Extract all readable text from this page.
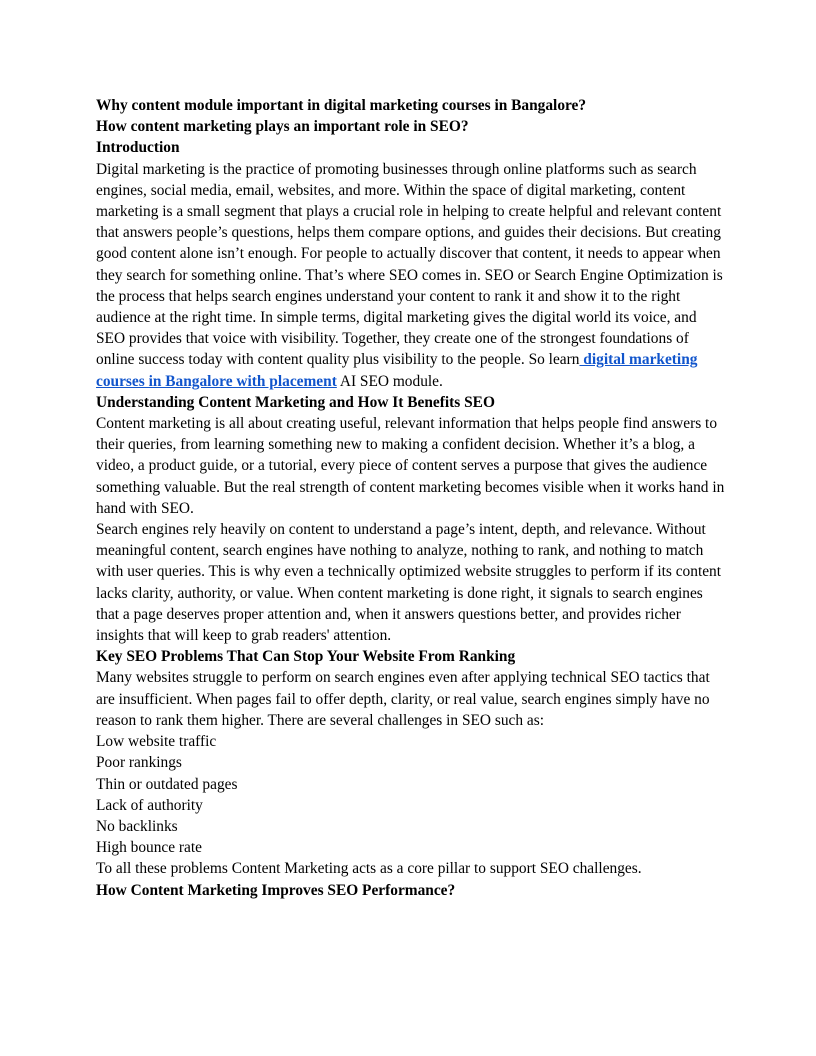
Why content module important in digital marketing courses in Bangalore?

How content marketing plays an important role in SEO?

Introduction

Digital marketing is the practice of promoting businesses through online platforms such as search engines, social media, email, websites, and more. Within the space of digital marketing, content marketing is a small segment that plays a crucial role in helping to create helpful and relevant content that answers people’s questions, helps them compare options, and guides their decisions. But creating good content alone isn’t enough. For people to actually discover that content, it needs to appear when they search for something online. That’s where SEO comes in. SEO or Search Engine Optimization is the process that helps search engines understand your content to rank it and show it to the right audience at the right time. In simple terms, digital marketing gives the digital world its voice, and SEO provides that voice with visibility. Together, they create one of the strongest foundations of online success today with content quality plus visibility to the people. So learn digital marketing courses in Bangalore with placement AI SEO module.

Understanding Content Marketing and How It Benefits SEO

Content marketing is all about creating useful, relevant information that helps people find answers to their queries, from learning something new to making a confident decision. Whether it’s a blog, a video, a product guide, or a tutorial, every piece of content serves a purpose that gives the audience something valuable. But the real strength of content marketing becomes visible when it works hand in hand with SEO.

Search engines rely heavily on content to understand a page’s intent, depth, and relevance. Without meaningful content, search engines have nothing to analyze, nothing to rank, and nothing to match with user queries. This is why even a technically optimized website struggles to perform if its content lacks clarity, authority, or value. When content marketing is done right, it signals to search engines that a page deserves proper attention and, when it answers questions better, and provides richer insights that will keep to grab readers' attention.

Key SEO Problems That Can Stop Your Website From Ranking

Many websites struggle to perform on search engines even after applying technical SEO tactics that are insufficient. When pages fail to offer depth, clarity, or real value, search engines simply have no reason to rank them higher. There are several challenges in SEO such as:

Low website traffic

Poor rankings

Thin or outdated pages

Lack of authority

No backlinks

High bounce rate

To all these problems Content Marketing acts as a core pillar to support SEO challenges.

How Content Marketing Improves SEO Performance?
